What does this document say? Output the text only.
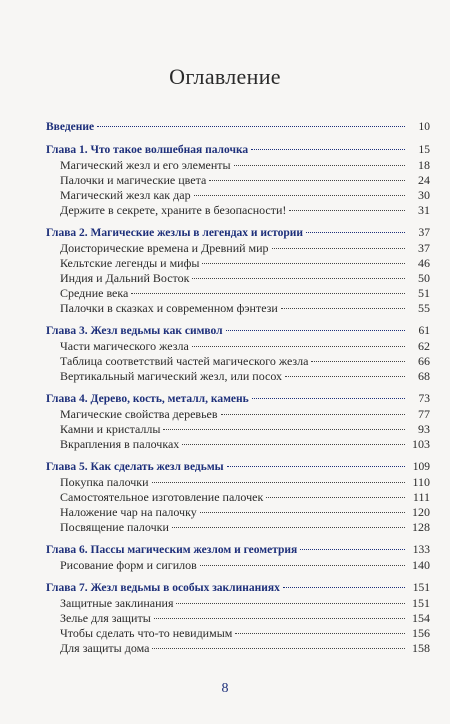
Оглавление
Введение	10
Глава 1. Что такое волшебная палочка	15
Магический жезл и его элементы	18
Палочки и магические цвета	24
Магический жезл как дар	30
Держите в секрете, храните в безопасности!	31
Глава 2. Магические жезлы в легендах и истории	37
Доисторические времена и Древний мир	37
Кельтские легенды и мифы	46
Индия и Дальний Восток	50
Средние века	51
Палочки в сказках и современном фэнтези	55
Глава 3. Жезл ведьмы как символ	61
Части магического жезла	62
Таблица соответствий частей магического жезла	66
Вертикальный магический жезл, или посох	68
Глава 4. Дерево, кость, металл, камень	73
Магические свойства деревьев	77
Камни и кристаллы	93
Вкрапления в палочках	103
Глава 5. Как сделать жезл ведьмы	109
Покупка палочки	110
Самостоятельное изготовление палочек	111
Наложение чар на палочку	120
Посвящение палочки	128
Глава 6. Пассы магическим жезлом и геометрия	133
Рисование форм и сигилов	140
Глава 7. Жезл ведьмы в особых заклинаниях	151
Защитные заклинания	151
Зелье для защиты	154
Чтобы сделать что-то невидимым	156
Для защиты дома	158
8
